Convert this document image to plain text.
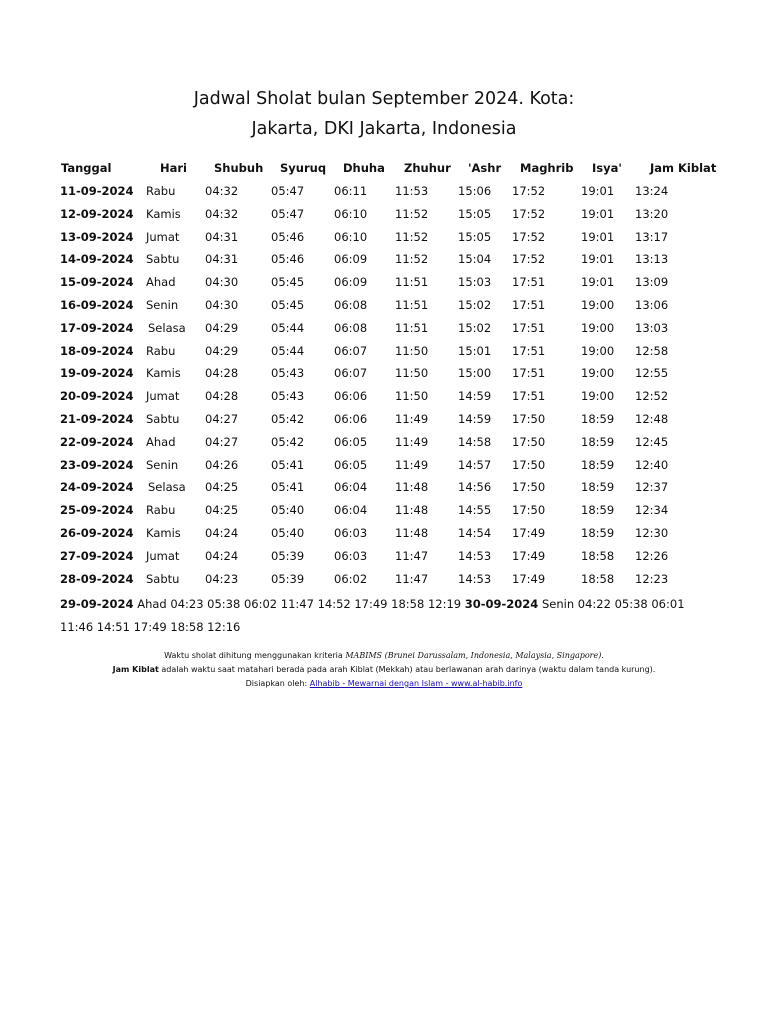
Jadwal Sholat bulan September 2024. Kota:
Jakarta, DKI Jakarta, Indonesia
Tanggal	Hari Shubuh Syuruq Dhuha Zhuhur 'Ashr Maghrib Isya' Jam Kiblat
11-09-2024 Rabu	04:32	05:47	06:11 11:53	15:06 17:52	19:01 13:24
12-09-2024 Kamis 04:32	05:47	06:10 11:52	15:05 17:52	19:01 13:20
13-09-2024 Jumat 04:31	05:46	06:10 11:52	15:05 17:52	19:01 13:17
14-09-2024 Sabtu 04:31	05:46	06:09 11:52	15:04 17:52	19:01 13:13
15-09-2024 Ahad	04:30	05:45	06:09 11:51	15:03 17:51	19:01 13:09
16-09-2024 Senin 04:30	05:45	06:08 11:51	15:02 17:51	19:00 13:06
17-09-2024 Selasa 04:29	05:44	06:08 11:51	15:02 17:51	19:00 13:03
18-09-2024 Rabu	04:29	05:44	06:07 11:50	15:01 17:51	19:00 12:58
19-09-2024 Kamis 04:28	05:43	06:07 11:50	15:00 17:51	19:00 12:55
20-09-2024 Jumat 04:28	05:43	06:06 11:50	14:59 17:51	19:00 12:52
21-09-2024 Sabtu 04:27	05:42	06:06 11:49	14:59 17:50	18:59 12:48
22-09-2024 Ahad	04:27	05:42	06:05 11:49	14:58 17:50	18:59 12:45
23-09-2024 Senin 04:26	05:41	06:05 11:49	14:57 17:50	18:59 12:40
24-09-2024 Selasa 04:25	05:41	06:04 11:48	14:56 17:50	18:59 12:37
25-09-2024 Rabu	04:25	05:40	06:04 11:48	14:55 17:50	18:59 12:34
26-09-2024 Kamis 04:24	05:40	06:03 11:48	14:54 17:49	18:59 12:30
27-09-2024 Jumat 04:24	05:39	06:03 11:47	14:53 17:49	18:58 12:26
28-09-2024 Sabtu 04:23	05:39	06:02 11:47	14:53 17:49	18:58 12:23
29-09-2024 Ahad 04:23 05:38 06:02 11:47 14:52 17:49 18:58 12:19 30-09-2024 Senin 04:22 05:38 06:01 11:46 14:51 17:49 18:58 12:16
Waktu sholat dihitung menggunakan kriteria MABIMS (Brunei Darussalam, Indonesia, Malaysia, Singapore).
Jam Kiblat adalah waktu saat matahari berada pada arah Kiblat (Mekkah) atau berlawanan arah darinya (waktu dalam tanda kurung).
Disiapkan oleh: Alhabib - Mewarnai dengan Islam - www.al-habib.info
